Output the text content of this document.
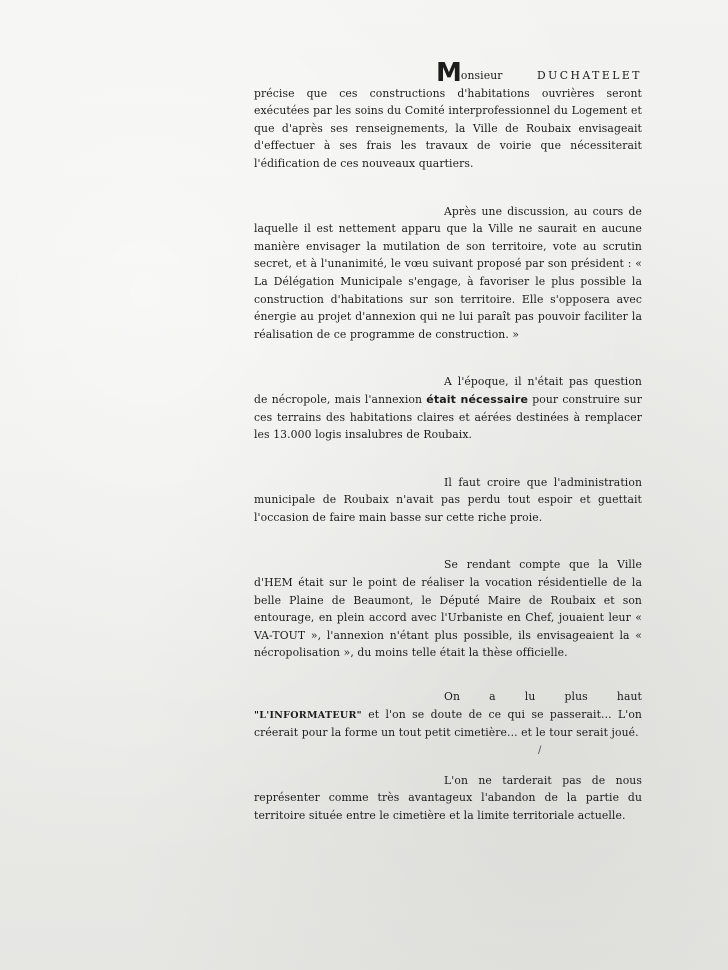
Monsieur DUCHATELET précise que ces constructions d'habitations ouvrières seront exécutées par les soins du Comité interprofessionnel du Logement et que d'après ses renseignements, la Ville de Roubaix envisageait d'effectuer à ses frais les travaux de voirie que nécessiterait l'édification de ces nouveaux quartiers.

Après une discussion, au cours de laquelle il est nettement apparu que la Ville ne saurait en aucune manière envisager la mutilation de son territoire, vote au scrutin secret, et à l'unanimité, le vœu suivant proposé par son président : « La Délégation Municipale s'engage, à favoriser le plus possible la construction d'habitations sur son territoire. Elle s'opposera avec énergie au projet d'annexion qui ne lui paraît pas pouvoir faciliter la réalisation de ce programme de construction. »

A l'époque, il n'était pas question de nécropole, mais l'annexion était nécessaire pour construire sur ces terrains des habitations claires et aérées destinées à remplacer les 13.000 logis insalubres de Roubaix.

Il faut croire que l'administration municipale de Roubaix n'avait pas perdu tout espoir et guettait l'occasion de faire main basse sur cette riche proie.

Se rendant compte que la Ville d'HEM était sur le point de réaliser la vocation résidentielle de la belle Plaine de Beaumont, le Député Maire de Roubaix et son entourage, en plein accord avec l'Urbaniste en Chef, jouaient leur « VA-TOUT », l'annexion n'étant plus possible, ils envisageaient la « nécropolisation », du moins telle était la thèse officielle.

On a lu plus haut "L'INFORMATEUR" et l'on se doute de ce qui se passerait... L'on créerait pour la forme un tout petit cimetière... et le tour serait joué.

L'on ne tarderait pas de nous représenter comme très avantageux l'abandon de la partie du territoire située entre le cimetière et la limite territoriale actuelle.

/
